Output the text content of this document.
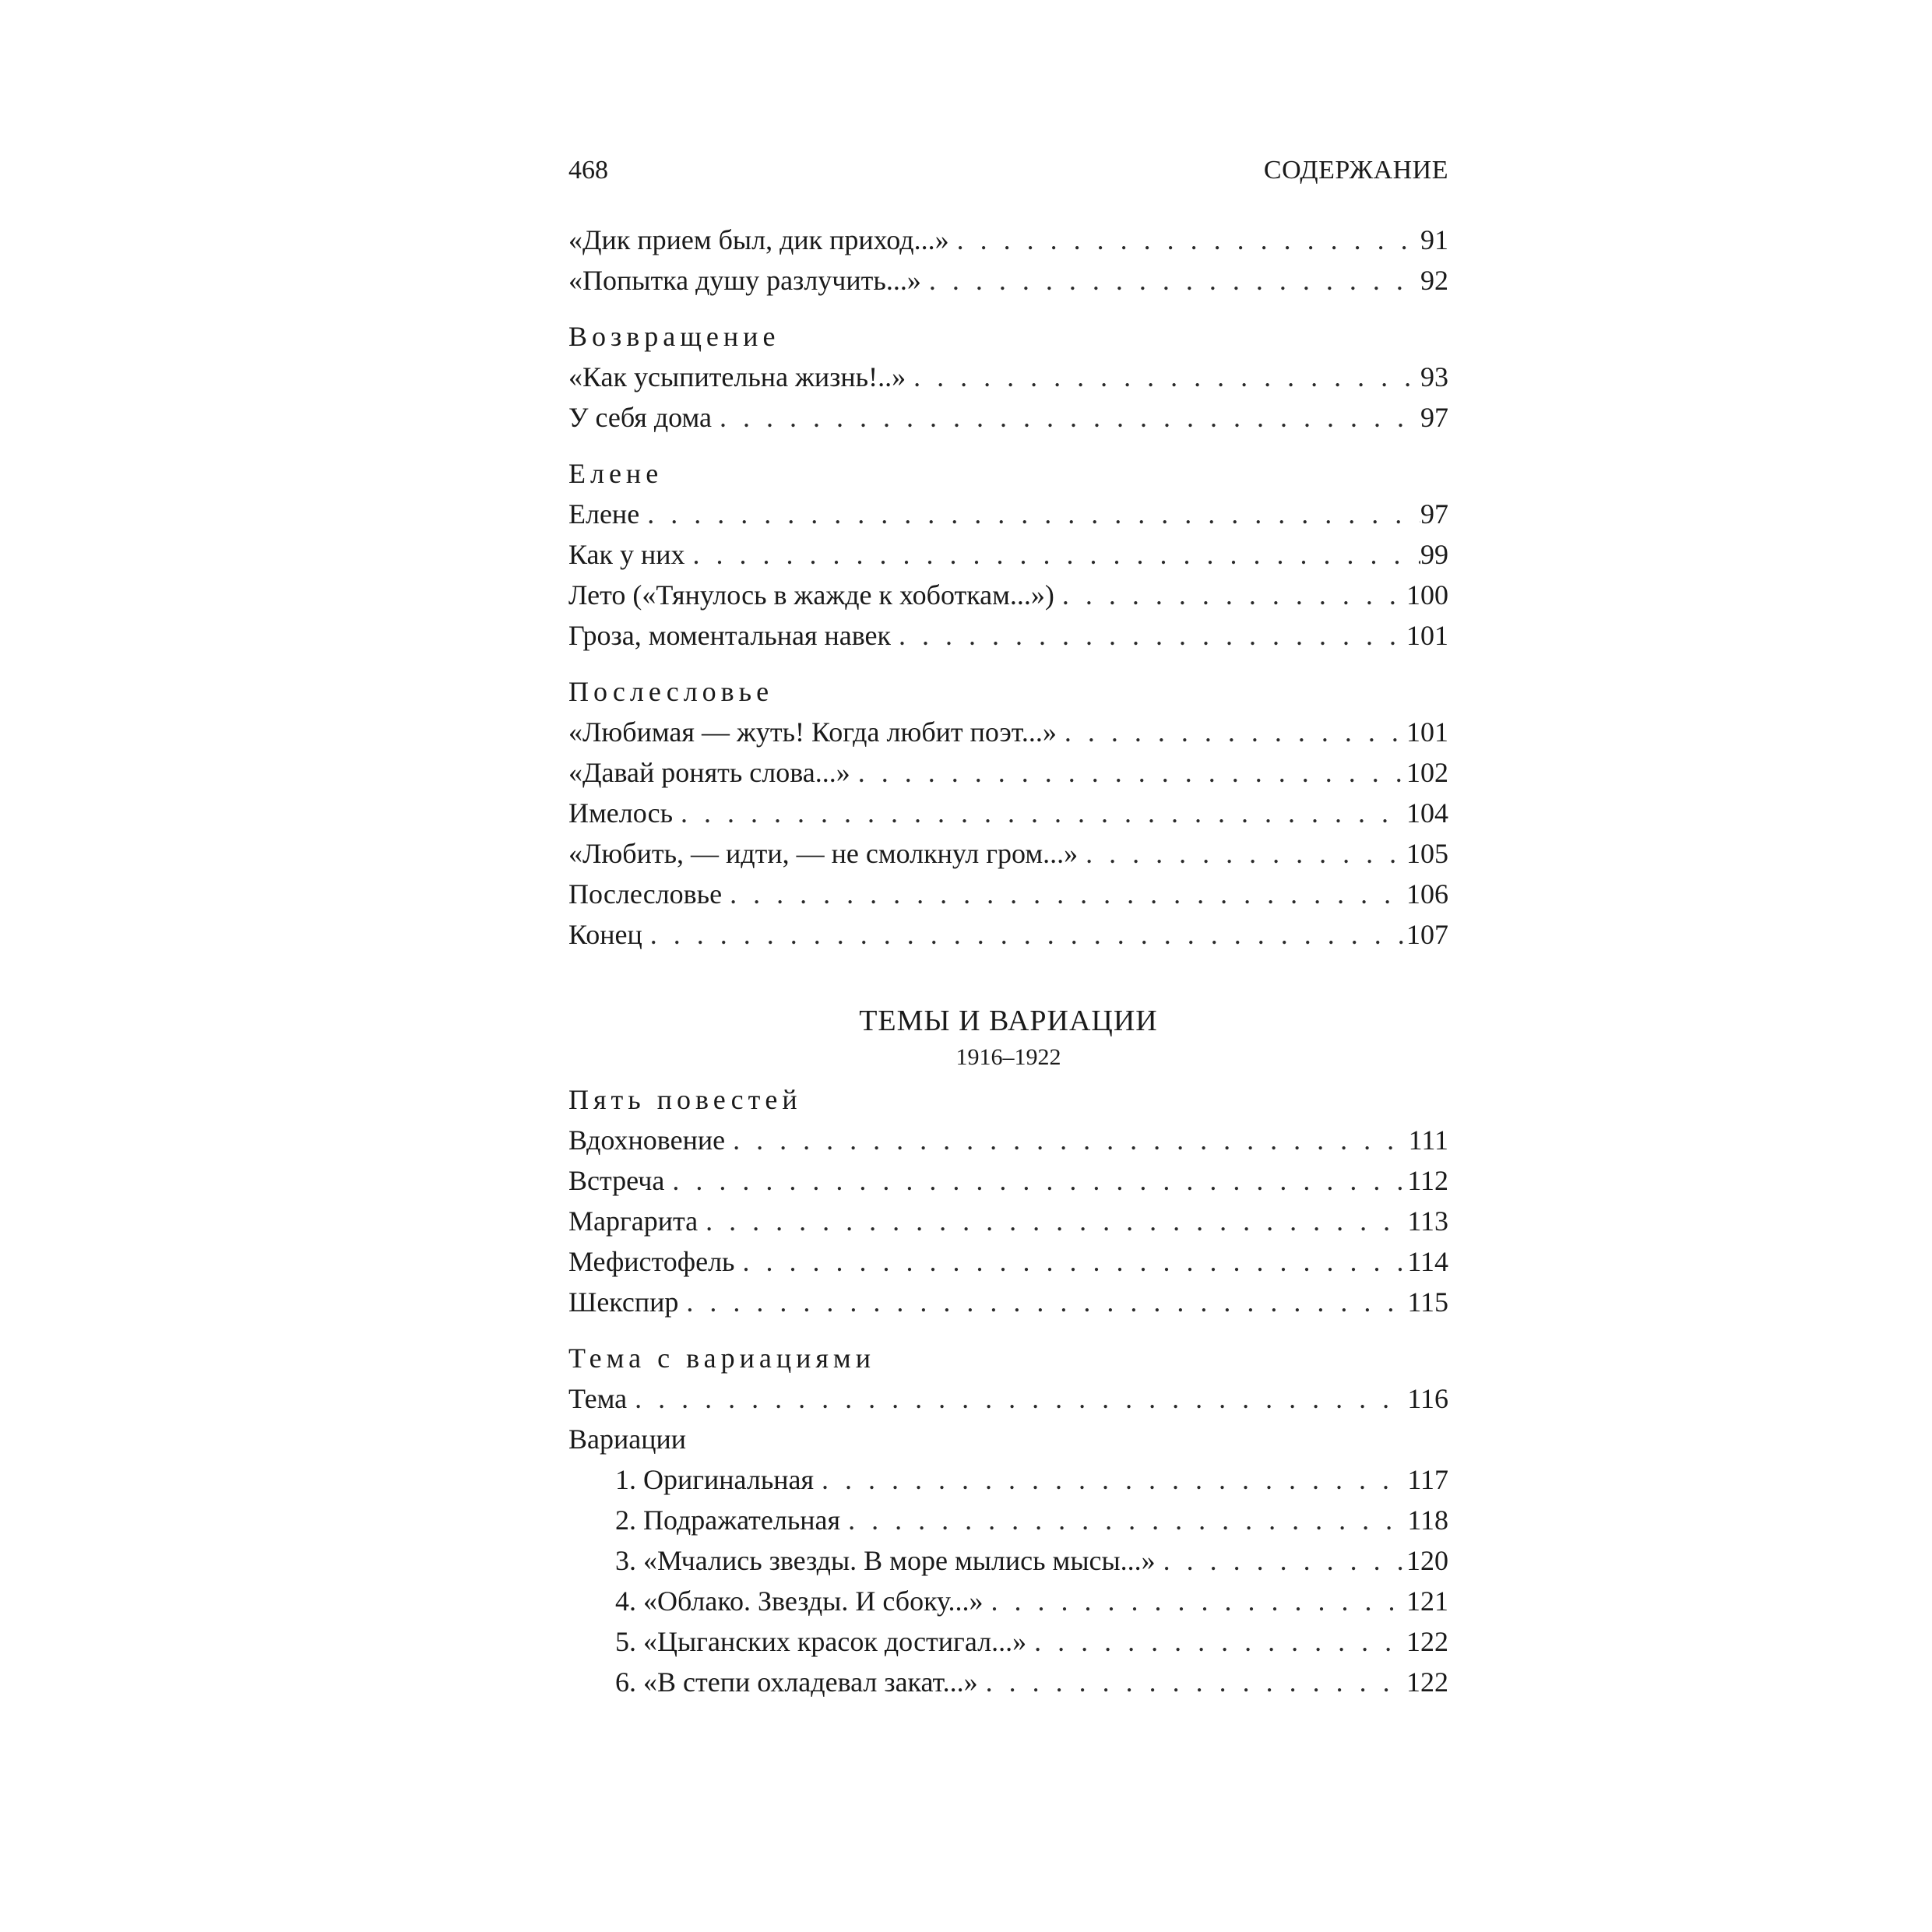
468	СОДЕРЖАНИЕ
«Дик прием был, дик приход...» . . .	91
«Попытка душу разлучить...» . . .	92
Возвращение
«Как усыпительна жизнь!..» . . .	93
У себя дома . . .	97
Елене
Елене . . .	97
Как у них . . .	99
Лето («Тянулось в жажде к хоботкам...») . . .	100
Гроза, моментальная навек . . .	101
Послесловье
«Любимая — жуть! Когда любит поэт...» . . .	101
«Давай ронять слова...» . . .	102
Имелось . . .	104
«Любить, — идти, — не смолкнул гром...» . . .	105
Послесловье . . .	106
Конец . . .	107
ТЕМЫ И ВАРИАЦИИ
1916–1922
Пять повестей
Вдохновение . . .	111
Встреча . . .	112
Маргарита . . .	113
Мефистофель . . .	114
Шекспир . . .	115
Тема с вариациями
Тема . . .	116
Вариации
1. Оригинальная . . .	117
2. Подражательная . . .	118
3. «Мчались звезды. В море мылись мысы...» . . .	120
4. «Облако. Звезды. И сбоку...» . . .	121
5. «Цыганских красок достигал...» . . .	122
6. «В степи охладевал закат...» . . .	122
